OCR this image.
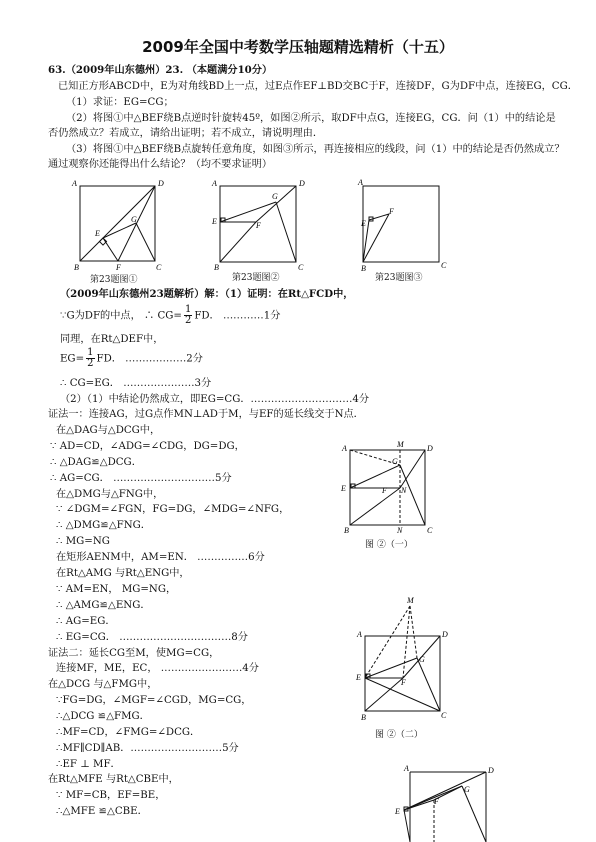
2009年全国中考数学压轴题精选精析（十五）
63.（2009年山东德州）23. （本题满分10分）
已知正方形ABCD中，E为对角线BD上一点，过E点作EF⊥BD交BC于F，连接DF，G为DF中点，连接EG，CG．
（1）求证：EG=CG；
（2）将图①中△BEF绕B点逆时针旋转45º，如图②所示，取DF中点G，连接EG，CG．问（1）中的结论是
否仍然成立？若成立，请给出证明；若不成立，请说明理由．
（3）将图①中△BEF绕B点旋转任意角度，如图③所示，再连接相应的线段，问（1）中的结论是否仍然成立？
通过观察你还能得出什么结论？（均不要求证明）
A	D
B	C
E
F
G
第23题图①
A	D
E	F
G
B	C
第23题图②
A
E
F
B	C
第23题图③
（2009年山东德州23题解析）解：（1）证明：在Rt△FCD中，
∵G为DF的中点， ∴ $CG= \frac{1}{2}$ FD． …………1分
同理，在Rt△DEF中，
$EG= \frac{1}{2}$ FD． ………………2分
∴ CG=EG． …………………3分
（2）（1）中结论仍然成立，即EG=CG．…………………………4分
证法一：连接AG，过G点作MN⊥AD于M，与EF的延长线交于N点．
在△DAG与△DCG中，
∵ AD=CD，∠ADG=∠CDG，DG=DG，
∴ △DAG≌△DCG．
∴ AG=CG． …………………………5分
在△DMG与△FNG中，
∵ ∠DGM=∠FGN，FG=DG，∠MDG=∠NFG，
∴ △DMG≌△FNG．
∴ MG=NG
在矩形AENM中，AM=EN． ……………6分
在Rt△AMG 与Rt△ENG中，
∵ AM=EN， MG=NG，
∴ △AMG≌△ENG．
∴ AG=EG．
∴ EG=CG． ……………………………8分
证法二：延长CG至M，使MG=CG，
连接MF，ME，EC， ……………………4分
在△DCG 与△FMG中，
∵FG=DG，∠MGF=∠CGD，MG=CG，
∴△DCG ≌△FMG．
∴MF=CD，∠FMG=∠DCG．
∴MF∥CD∥AB．………………………5分
∴EF ⊥ MF．
在Rt△MFE 与Rt△CBE中，
∵ MF=CB，EF=BE，
∴△MFE ≌△CBE．
A	M	D
G
E	F N
B	N	C
图 ②（一）
M
A	D
G
E
F
B	C
图 ②（二）
A	D
G
F
E
